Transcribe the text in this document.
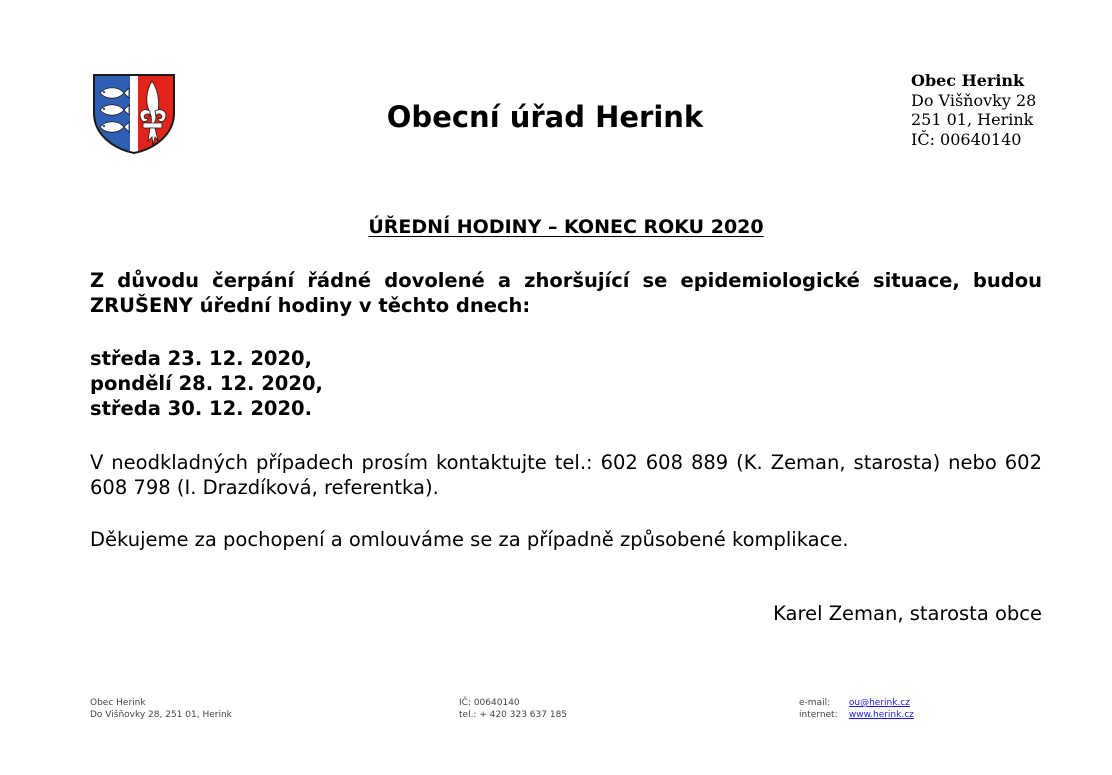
Obecní úřad Herink
Obec Herink
Do Višňovky 28
251 01, Herink
IČ: 00640140
ÚŘEDNÍ HODINY – KONEC ROKU 2020
Z důvodu čerpání řádné dovolené a zhoršující se epidemiologické situace, budou ZRUŠENY úřední hodiny v těchto dnech:
středa 23. 12. 2020,
pondělí 28. 12. 2020,
středa 30. 12. 2020.
V neodkladných případech prosím kontaktujte tel.: 602 608 889 (K. Zeman, starosta) nebo 602 608 798 (I. Drazdíková, referentka).
Děkujeme za pochopení a omlouváme se za případně způsobené komplikace.
Karel Zeman, starosta obce
Obec Herink
Do Višňovky 28, 251 01, Herink
IČ: 00640140
tel.: + 420 323 637 185
e-mail: ou@herink.cz
internet: www.herink.cz
